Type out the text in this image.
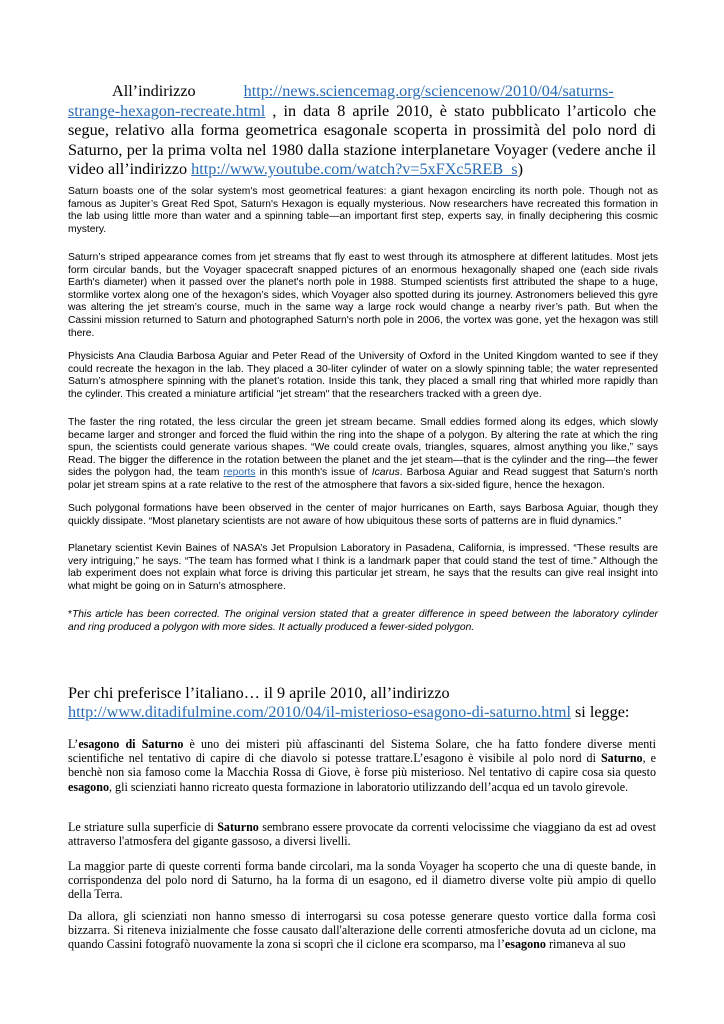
All’indirizzo	http://news.sciencemag.org/sciencenow/2010/04/saturns-strange-hexagon-recreate.html , in data 8 aprile 2010, è stato pubblicato l’articolo che segue, relativo alla forma geometrica esagonale scoperta in prossimità del polo nord di Saturno, per la prima volta nel 1980 dalla stazione interplanetare Voyager (vedere anche il video all’indirizzo http://www.youtube.com/watch?v=5xFXc5REB_s)

Saturn boasts one of the solar system's most geometrical features: a giant hexagon encircling its north pole. Though not as famous as Jupiter’s Great Red Spot, Saturn's Hexagon is equally mysterious. Now researchers have recreated this formation in the lab using little more than water and a spinning table—an important first step, experts say, in finally deciphering this cosmic mystery.

Saturn’s striped appearance comes from jet streams that fly east to west through its atmosphere at different latitudes. Most jets form circular bands, but the Voyager spacecraft snapped pictures of an enormous hexagonally shaped one (each side rivals Earth's diameter) when it passed over the planet's north pole in 1988. Stumped scientists first attributed the shape to a huge, stormlike vortex along one of the hexagon’s sides, which Voyager also spotted during its journey. Astronomers believed this gyre was altering the jet stream’s course, much in the same way a large rock would change a nearby river’s path. But when the Cassini mission returned to Saturn and photographed Saturn's north pole in 2006, the vortex was gone, yet the hexagon was still there.

Physicists Ana Claudia Barbosa Aguiar and Peter Read of the University of Oxford in the United Kingdom wanted to see if they could recreate the hexagon in the lab. They placed a 30-liter cylinder of water on a slowly spinning table; the water represented Saturn’s atmosphere spinning with the planet’s rotation. Inside this tank, they placed a small ring that whirled more rapidly than the cylinder. This created a miniature artificial "jet stream" that the researchers tracked with a green dye.

The faster the ring rotated, the less circular the green jet stream became. Small eddies formed along its edges, which slowly became larger and stronger and forced the fluid within the ring into the shape of a polygon. By altering the rate at which the ring spun, the scientists could generate various shapes. “We could create ovals, triangles, squares, almost anything you like,” says Read. The bigger the difference in the rotation between the planet and the jet steam—that is the cylinder and the ring—the fewer sides the polygon had, the team reports in this month's issue of Icarus. Barbosa Aguiar and Read suggest that Saturn’s north polar jet stream spins at a rate relative to the rest of the atmosphere that favors a six-sided figure, hence the hexagon.

Such polygonal formations have been observed in the center of major hurricanes on Earth, says Barbosa Aguiar, though they quickly dissipate. “Most planetary scientists are not aware of how ubiquitous these sorts of patterns are in fluid dynamics.”

Planetary scientist Kevin Baines of NASA’s Jet Propulsion Laboratory in Pasadena, California, is impressed. “These results are very intriguing,” he says. “The team has formed what I think is a landmark paper that could stand the test of time.” Although the lab experiment does not explain what force is driving this particular jet stream, he says that the results can give real insight into what might be going on in Saturn’s atmosphere.

*This article has been corrected. The original version stated that a greater difference in speed between the laboratory cylinder and ring produced a polygon with more sides. It actually produced a fewer-sided polygon.

Per chi preferisce l’italiano… il 9 aprile 2010, all’indirizzo
http://www.ditadifulmine.com/2010/04/il-misterioso-esagono-di-saturno.html si legge:

L’esagono di Saturno è uno dei misteri più affascinanti del Sistema Solare, che ha fatto fondere diverse menti scientifiche nel tentativo di capire di che diavolo si potesse trattare.L’esagono è visibile al polo nord di Saturno, e benchè non sia famoso come la Macchia Rossa di Giove, è forse più misterioso. Nel tentativo di capire cosa sia questo esagono, gli scienziati hanno ricreato questa formazione in laboratorio utilizzando dell’acqua ed un tavolo girevole.

Le striature sulla superficie di Saturno sembrano essere provocate da correnti velocissime che viaggiano da est ad ovest attraverso l'atmosfera del gigante gassoso, a diversi livelli.

La maggior parte di queste correnti forma bande circolari, ma la sonda Voyager ha scoperto che una di queste bande, in corrispondenza del polo nord di Saturno, ha la forma di un esagono, ed il diametro diverse volte più ampio di quello della Terra.

Da allora, gli scienziati non hanno smesso di interrogarsi su cosa potesse generare questo vortice dalla forma così bizzarra. Si riteneva inizialmente che fosse causato dall'alterazione delle correnti atmosferiche dovuta ad un ciclone, ma quando Cassini fotografò nuovamente la zona si scoprì che il ciclone era scomparso, ma l’esagono rimaneva al suo
